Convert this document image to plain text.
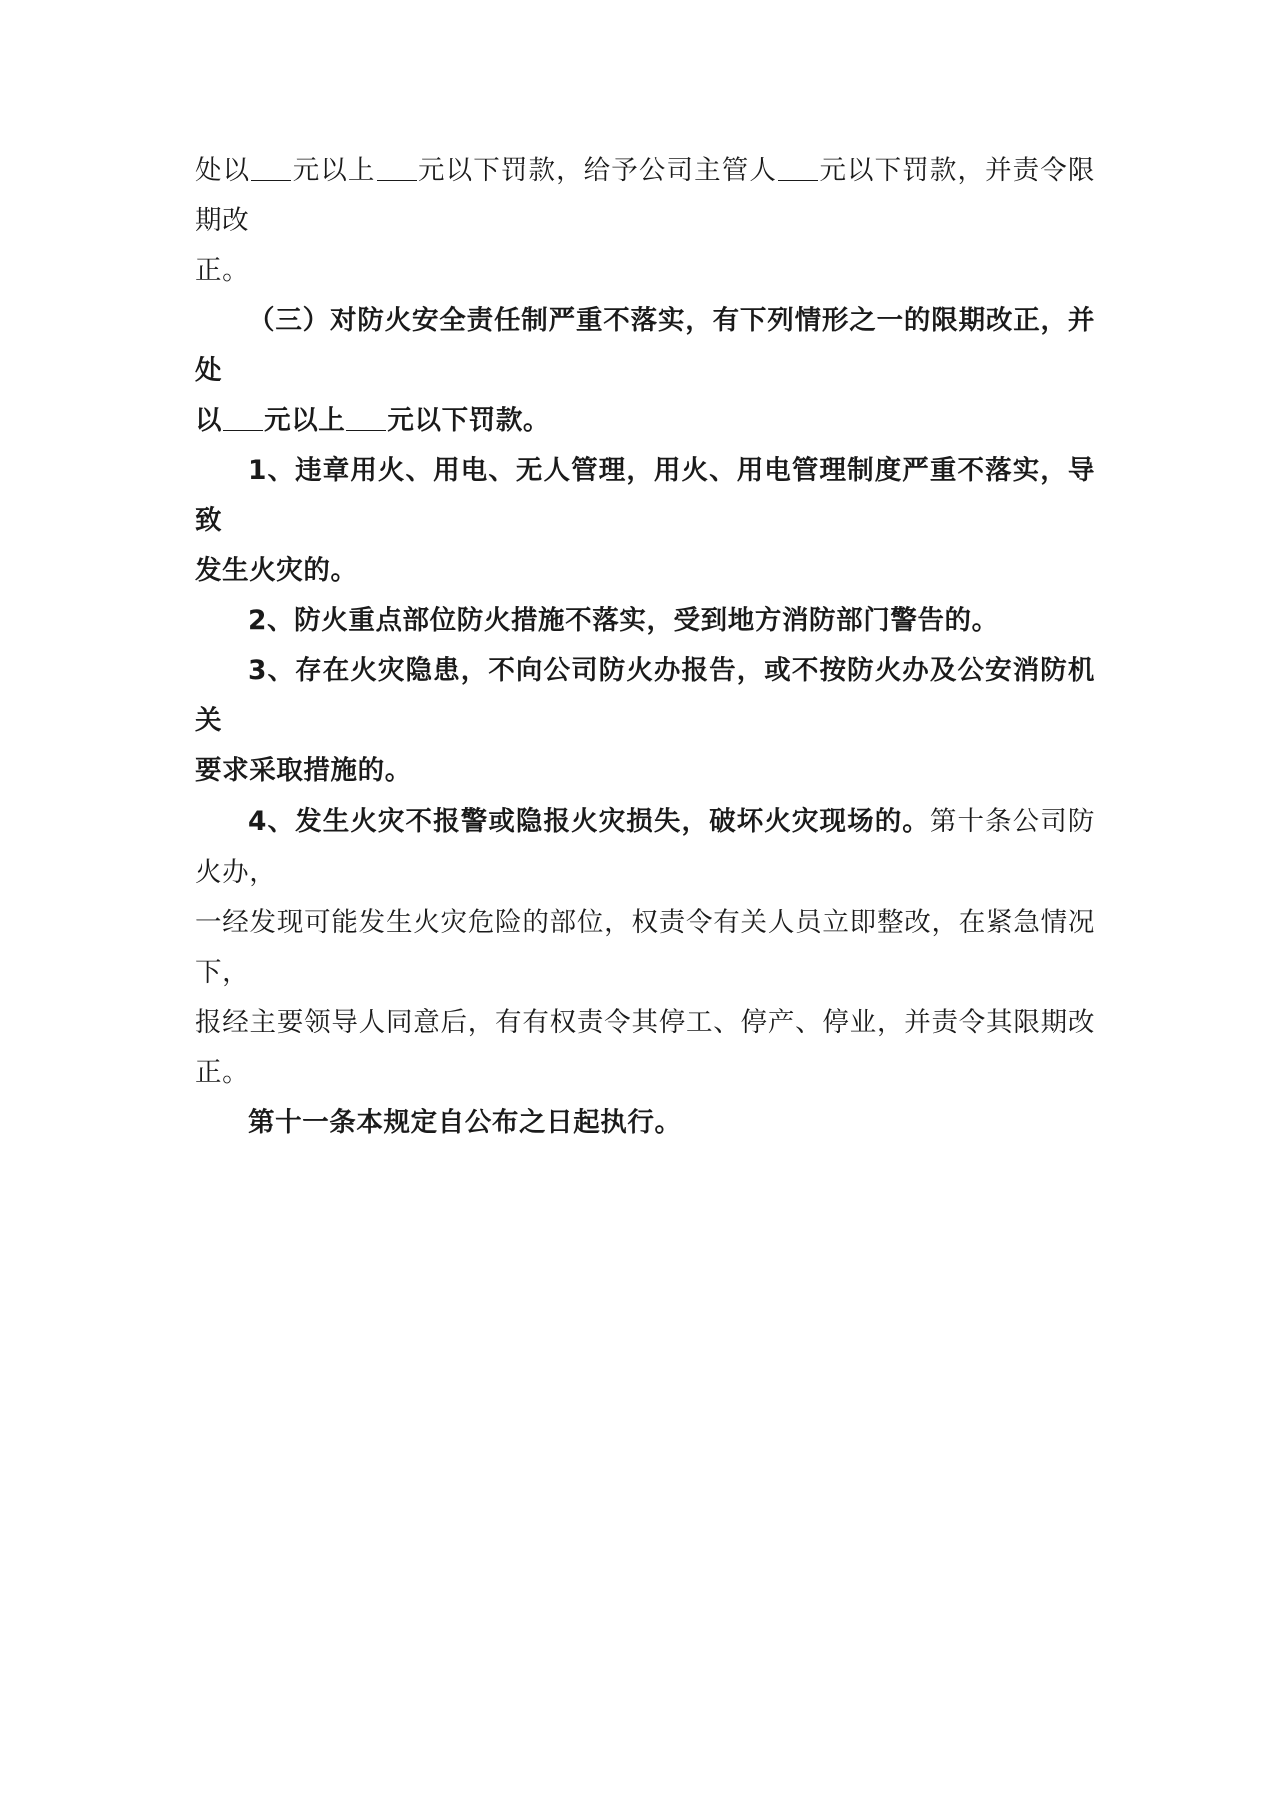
处以 元以上 元以下罚款，给予公司主管人 元以下罚款，并责令限期改
正。

（三）对防火安全责任制严重不落实，有下列情形之一的限期改正，并处
以 元以上 元以下罚款。

1、违章用火、用电、无人管理，用火、用电管理制度严重不落实，导致
发生火灾的。

2、防火重点部位防火措施不落实，受到地方消防部门警告的。

3、存在火灾隐患，不向公司防火办报告，或不按防火办及公安消防机关
要求采取措施的。

4、发生火灾不报警或隐报火灾损失，破坏火灾现场的。第十条公司防火办，
一经发现可能发生火灾危险的部位，权责令有关人员立即整改，在紧急情况下，
报经主要领导人同意后，有有权责令其停工、停产、停业，并责令其限期改正。

第十一条本规定自公布之日起执行。
